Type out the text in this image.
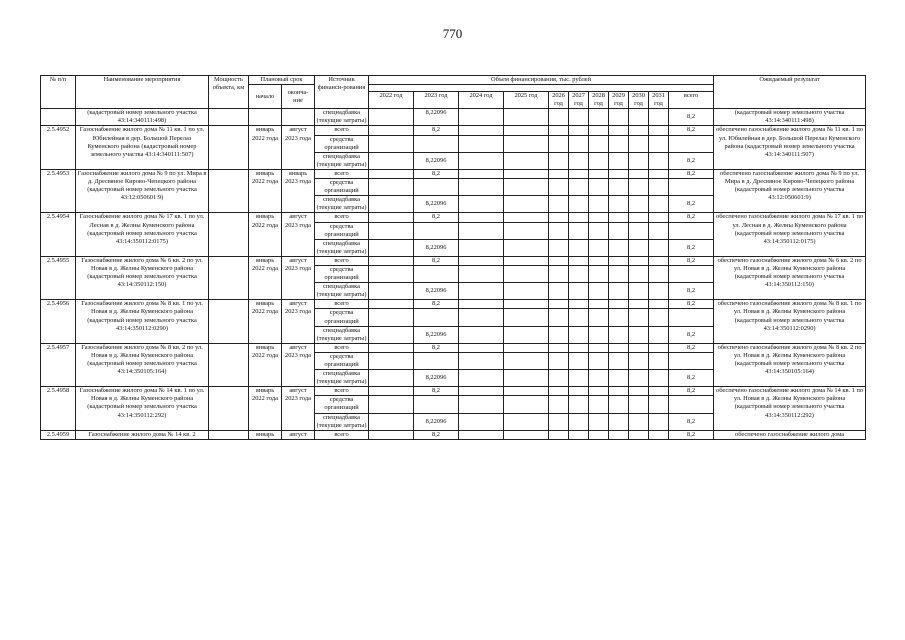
770
№ п/п	Наименование мероприятия	Мощность объекта, км	Плановый срок		Источник финанси-рования	Объем финансирования, тыс. рублей											Ожидаемый результат
			начало	оконча-ние													
						2022 год	2023 год	2024 год	2025 год	2026 год	2027 год	2028 год	2029 год	2030 год	2031 год	всего	
	(кадастровый номер земельного участка 43:14:340111:498)				спецнадбавка (текущие затраты)		8,22096									8,2	(кадастровый номер земельного участка 43:14:340111:498)
2.5.4952	Газоснабжение жилого дома № 11 кв. 1 по ул. Юбилейная в дер. Большой Перелаз Куменского района (кадастровый номер земельного участка 43:14:340111:507)		январь 2022 года	август 2023 года	всего		8,2									8,2	обеспечено газоснабжение жилого дома № 11 кв. 1 по ул. Юбилейная в дер. Большой Перелаз Куменского района (кадастровый номер земельного участка 43:14:340111:507)
					средства организаций												
					спецнадбавка (текущие затраты)		8,22096									8,2	
2.5.4953	Газоснабжение жилого дома № 9 по ул. Мира в д. Дресвяное Кирово-Чепецкого района (кадастровый номер земельного участка 43:12:050601:9)		январь 2022 года	январь 2023 года	всего		8,2									8,2	обеспечено газоснабжение жилого дома № 9 по ул. Мира в д. Дресвяное Кирово-Чепецкого района (кадастровый номер земельного участка 43:12:050601:9)
					средства организаций												
					спецнадбавка (текущие затраты)		8,22096									8,2	
2.5.4954	Газоснабжение жилого дома № 17 кв. 1 по ул. Лесная в д. Желны Куменского района (кадастровый номер земельного участка 43:14:350112:0175)		январь 2022 года	август 2023 года	всего		8,2									8,2	обеспечено газоснабжение жилого дома № 17 кв. 1 по ул. Лесная в д. Желны Куменского района (кадастровый номер земельного участка 43:14:350112:0175)
					средства организаций												
					спецнадбавка (текущие затраты)		8,22096									8,2	
2.5.4955	Газоснабжение жилого дома № 6 кв. 2 по ул. Новая в д. Желны Куменского района (кадастровый номер земельного участка 43:14:350112:150)		январь 2022 года	август 2023 года	всего		8,2									8,2	обеспечено газоснабжение жилого дома № 6 кв. 2 по ул. Новая в д. Желны Куменского района (кадастровый номер земельного участка 43:14:350112:150)
					средства организаций												
					спецнадбавка (текущие затраты)		8,22096									8,2	
2.5.4956	Газоснабжение жилого дома № 8 кв. 1 по ул. Новая в д. Желны Куменского района (кадастровый номер земельного участка 43:14:350112:0290)		январь 2022 года	август 2023 года	всего		8,2									8,2	обеспечено газоснабжение жилого дома № 8 кв. 1 по ул. Новая в д. Желны Куменского района (кадастровый номер земельного участка 43:14:350112:0290)
					средства организаций												
					спецнадбавка (текущие затраты)		8,22096									8,2	
2.5.4957	Газоснабжение жилого дома № 8 кв. 2 по ул. Новая в д. Желны Куменского района (кадастровый номер земельного участка 43:14:350105:164)		январь 2022 года	август 2023 года	всего		8,2									8,2	обеспечено газоснабжение жилого дома № 8 кв. 2 по ул. Новая в д. Желны Куменского района (кадастровый номер земельного участка 43:14:350105:164)
					средства организаций												
					спецнадбавка (текущие затраты)		8,22096									8,2	
2.5.4958	Газоснабжение жилого дома № 14 кв. 1 по ул. Новая в д. Желны Куменского района (кадастровый номер земельного участка 43:14:350112:292)		январь 2022 года	август 2023 года	всего		8,2									8,2	обеспечено газоснабжение жилого дома № 14 кв. 1 по ул. Новая в д. Желны Куменского района (кадастровый номер земельного участка 43:14:350112:292)
					средства организаций												
					спецнадбавка (текущие затраты)		8,22096									8,2	
2.5.4959	Газоснабжение жилого дома № 14 кв. 2		январь	август	всего		8,2									8,2	обеспечено газоснабжение жилого дома
